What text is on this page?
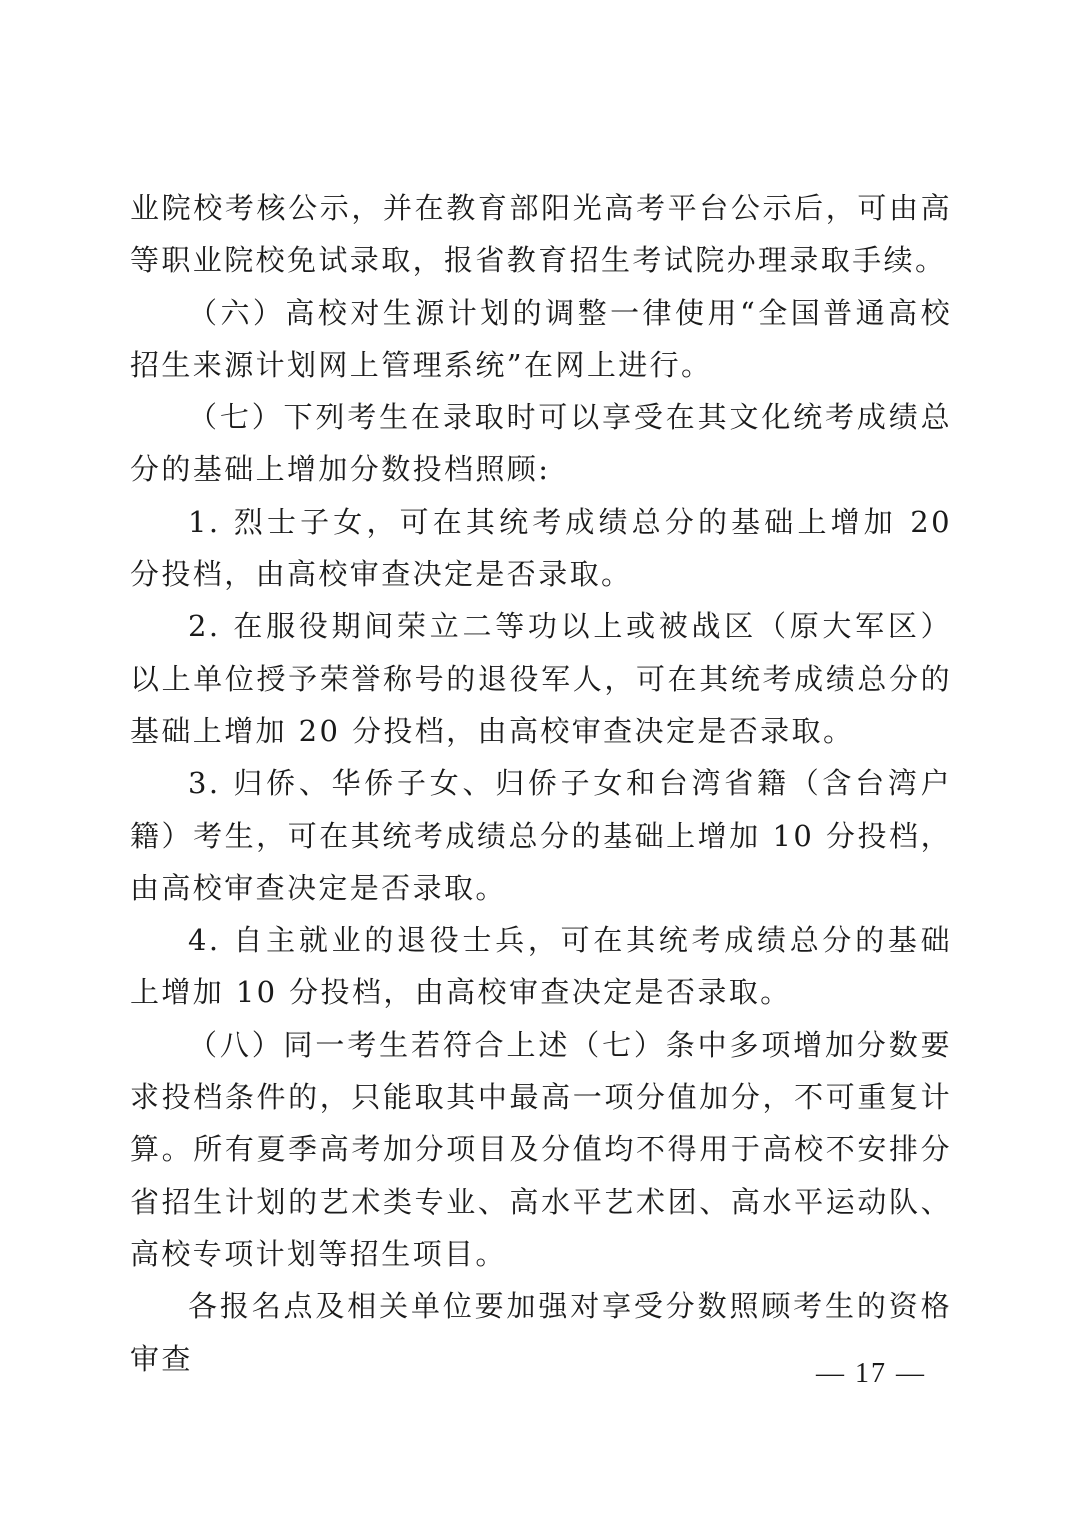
业院校考核公示，并在教育部阳光高考平台公示后，可由高等职业院校免试录取，报省教育招生考试院办理录取手续。

（六）高校对生源计划的调整一律使用“全国普通高校招生来源计划网上管理系统”在网上进行。

（七）下列考生在录取时可以享受在其文化统考成绩总分的基础上增加分数投档照顾:

1. 烈士子女，可在其统考成绩总分的基础上增加 20 分投档，由高校审查决定是否录取。

2. 在服役期间荣立二等功以上或被战区（原大军区）以上单位授予荣誉称号的退役军人，可在其统考成绩总分的基础上增加 20 分投档，由高校审查决定是否录取。

3. 归侨、华侨子女、归侨子女和台湾省籍（含台湾户籍）考生，可在其统考成绩总分的基础上增加 10 分投档，由高校审查决定是否录取。

4. 自主就业的退役士兵，可在其统考成绩总分的基础上增加 10 分投档，由高校审查决定是否录取。

（八）同一考生若符合上述（七）条中多项增加分数要求投档条件的，只能取其中最高一项分值加分，不可重复计算。所有夏季高考加分项目及分值均不得用于高校不安排分省招生计划的艺术类专业、高水平艺术团、高水平运动队、高校专项计划等招生项目。

各报名点及相关单位要加强对享受分数照顾考生的资格审查	— 17 —
